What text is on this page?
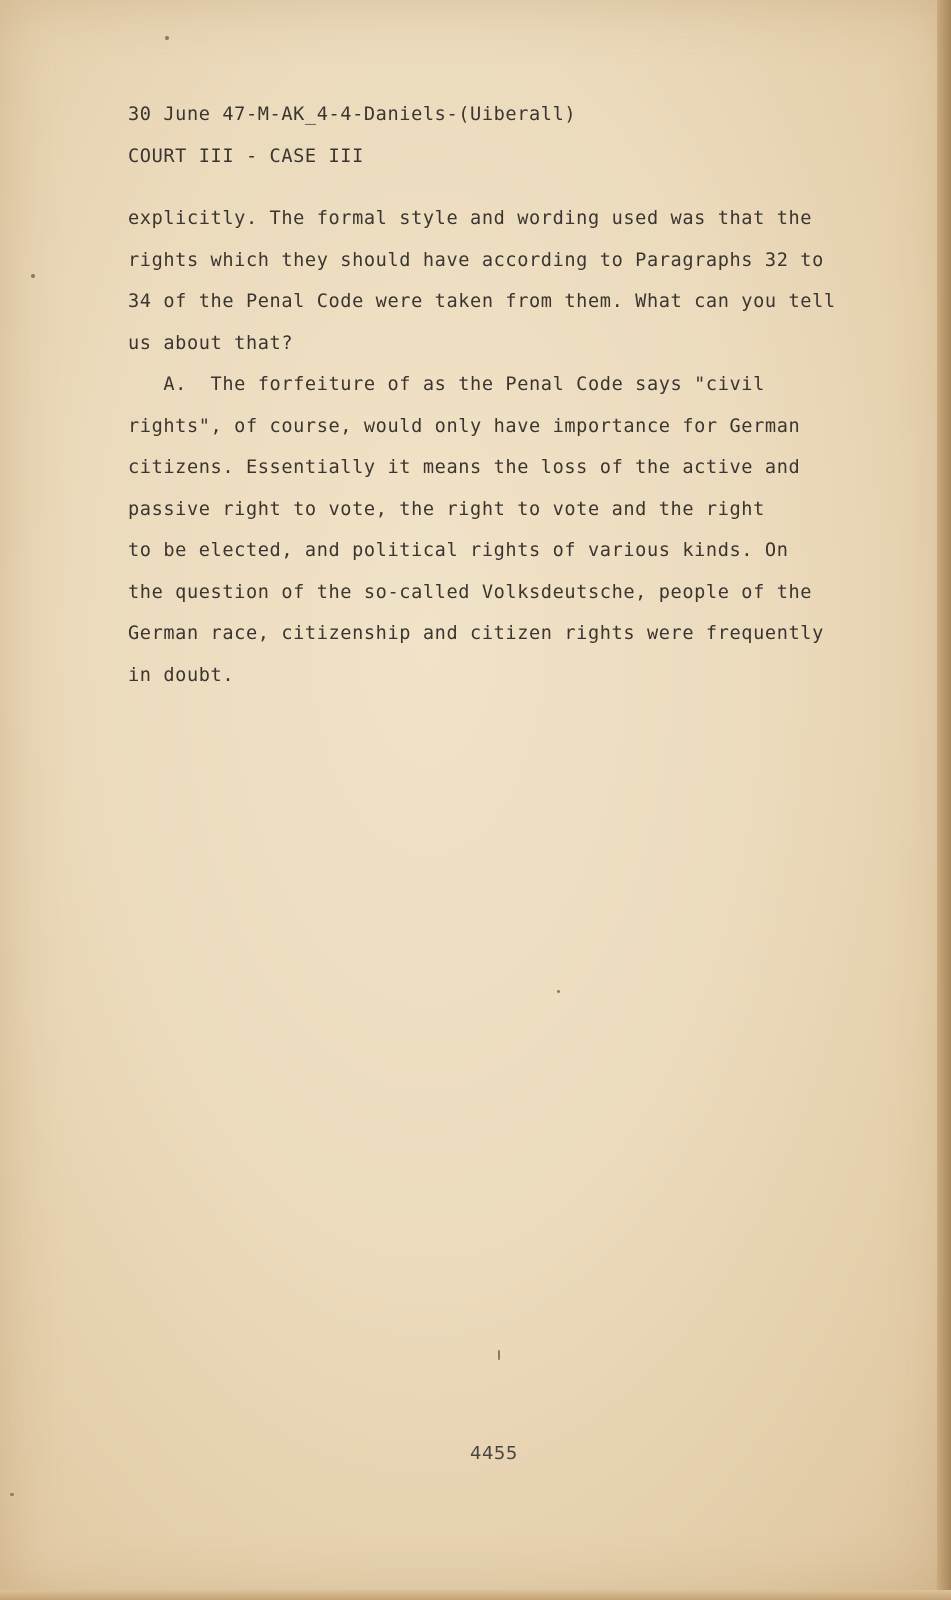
30 June 47-M-AK_4-4-Daniels-(Uiberall)
COURT III - CASE III
explicitly. The formal style and wording used was that the
rights which they should have according to Paragraphs 32 to
34 of the Penal Code were taken from them. What can you tell
us about that?
A.  The forfeiture of as the Penal Code says "civil
rights", of course, would only have importance for German
citizens. Essentially it means the loss of the active and
passive right to vote, the right to vote and the right
to be elected, and political rights of various kinds. On
the question of the so-called Volksdeutsche, people of the
German race, citizenship and citizen rights were frequently
in doubt.
4455
